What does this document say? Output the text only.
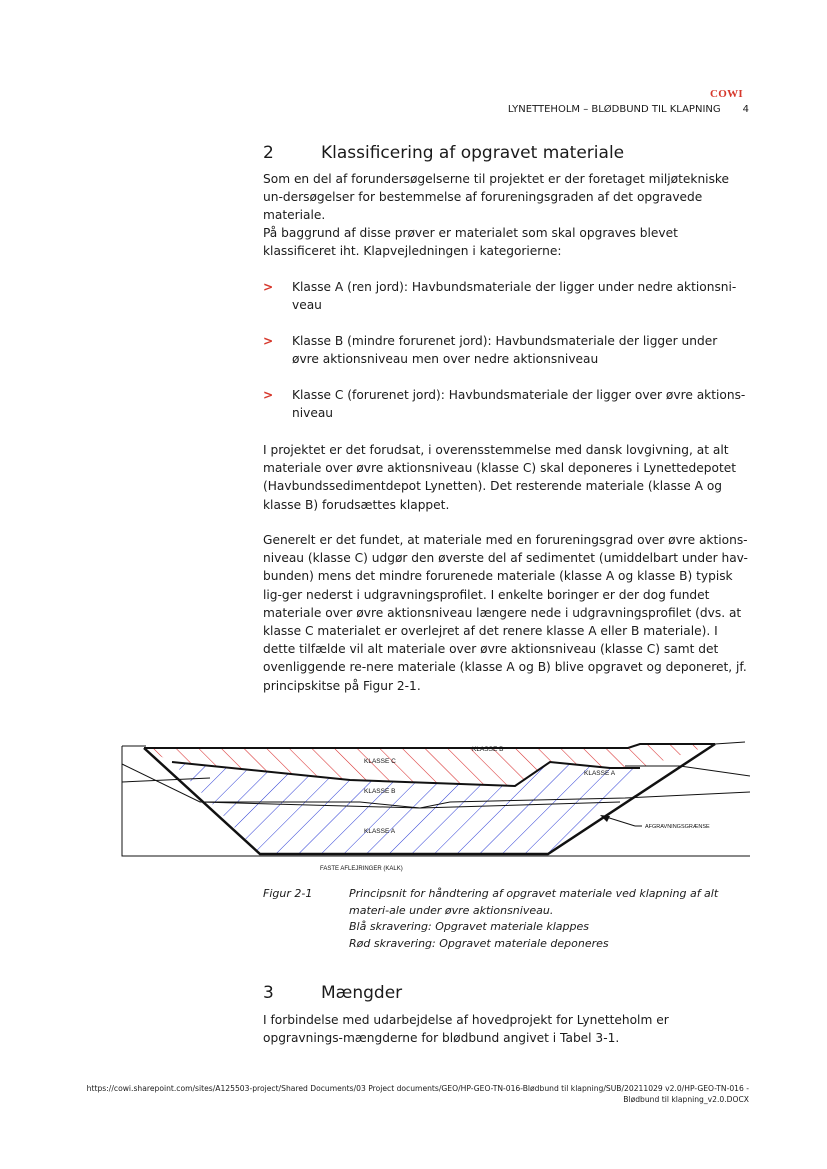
COWI
LYNETTEHOLM – BLØDBUND TIL KLAPNING 4
2	Klassificering af opgravet materiale

Som en del af forundersøgelserne til projektet er der foretaget miljøtekniske un-dersøgelser for bestemmelse af forureningsgraden af det opgravede materiale.

På baggrund af disse prøver er materialet som skal opgraves blevet klassificeret iht. Klapvejledningen i kategorierne:

>	Klasse A (ren jord): Havbundsmateriale der ligger under nedre aktionsni-veau
>	Klasse B (mindre forurenet jord): Havbundsmateriale der ligger under øvre aktionsniveau men over nedre aktionsniveau
>	Klasse C (forurenet jord): Havbundsmateriale der ligger over øvre aktions-niveau

I projektet er det forudsat, i overensstemmelse med dansk lovgivning, at alt materiale over øvre aktionsniveau (klasse C) skal deponeres i Lynettedepotet (Havbundssedimentdepot Lynetten). Det resterende materiale (klasse A og klasse B) forudsættes klappet.

Generelt er det fundet, at materiale med en forureningsgrad over øvre aktions-niveau (klasse C) udgør den øverste del af sedimentet (umiddelbart under hav-bunden) mens det mindre forurenede materiale (klasse A og klasse B) typisk lig-ger nederst i udgravningsprofilet. I enkelte boringer er der dog fundet materiale over øvre aktionsniveau længere nede i udgravningsprofilet (dvs. at klasse C materialet er overlejret af det renere klasse A eller B materiale). I dette tilfælde vil alt materiale over øvre aktionsniveau (klasse C) samt det ovenliggende re-nere materiale (klasse A og B) blive opgravet og deponeret, jf. principskitse på Figur 2-1.

KLASSE B
KLASSE C
KLASSE A
KLASSE B
KLASSE A
AFGRAVNINGSGRÆNSE
FASTE AFLEJRINGER (KALK)
Figur 2-1	Principsnit for håndtering af opgravet materiale ved klapning af alt materi-ale under øvre aktionsniveau.
Blå skravering: Opgravet materiale klappes
Rød skravering: Opgravet materiale deponeres
3	Mængder

I forbindelse med udarbejdelse af hovedprojekt for Lynetteholm er opgravnings-mængderne for blødbund angivet i Tabel 3-1.

https://cowi.sharepoint.com/sites/A125503-project/Shared Documents/03 Project documents/GEO/HP-GEO-TN-016-Blødbund til klapning/SUB/20211029 v2.0/HP-GEO-TN-016 -
Blødbund til klapning_v2.0.DOCX
